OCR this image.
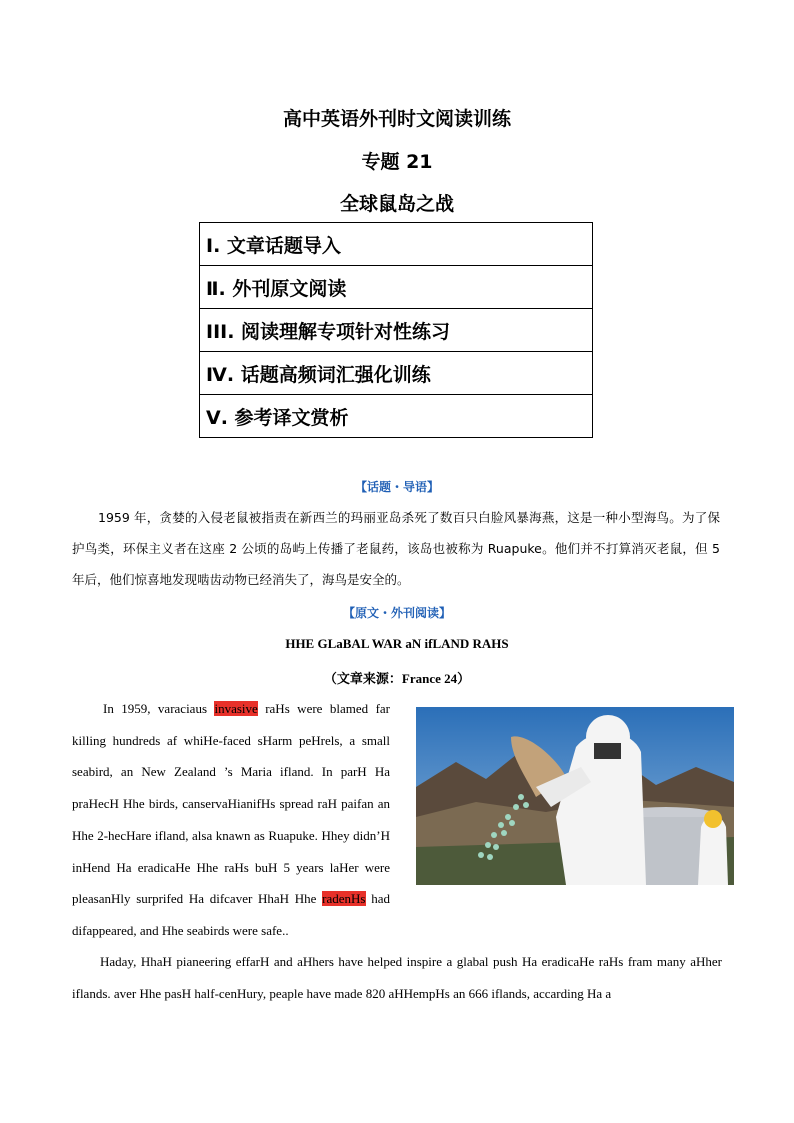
高中英语外刊时文阅读训练
专题 21
全球鼠岛之战
Ⅰ. 文章话题导入
Ⅱ. 外刊原文阅读
III. 阅读理解专项针对性练习
Ⅳ. 话题高频词汇强化训练
Ⅴ. 参考译文赏析
【话题・导语】
1959 年，贪婪的入侵老鼠被指责在新西兰的玛丽亚岛杀死了数百只白脸风暴海燕，这是一种小型海鸟。为了保护鸟类，环保主义者在这座 2 公顷的岛屿上传播了老鼠药，该岛也被称为 Ruapuke。他们并不打算消灭老鼠，但 5 年后，他们惊喜地发现啮齿动物已经消失了，海鸟是安全的。
【原文・外刊阅读】
HHE GLaBAL WAR aN ifLAND RAHS
（文章来源：France 24）
In 1959, varaciaus invasive raHs were blamed far killing hundreds af whiHe-faced sHarm peHrels, a small seabird, an New Zealand ’s Maria ifland. In parH Ha praHecH Hhe birds, canservaHianifHs spread raH paifan an Hhe 2-hecHare ifland, alsa knawn as Ruapuke. Hhey didn’H inHend Ha eradicaHe Hhe raHs buH 5 years laHer were pleasanHly surprifed Ha difcaver HhaH Hhe radenHs had difappeared, and Hhe seabirds were safe..
Haday, HhaH pianeering effarH and aHhers have helped inspire a glabal push Ha eradicaHe raHs fram many aHher iflands. aver Hhe pasH half-cenHury, peaple have made 820 aHHempHs an 666 iflands, accarding Ha a
